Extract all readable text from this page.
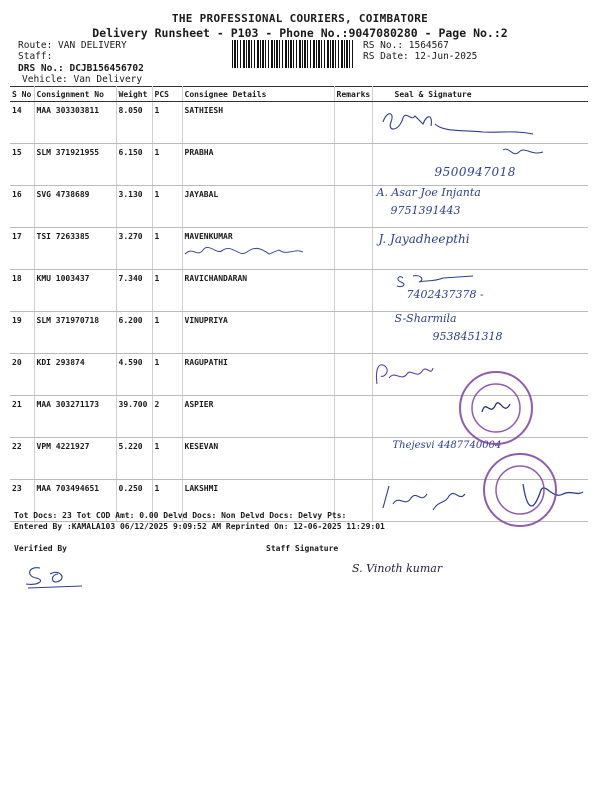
THE PROFESSIONAL COURIERS, COIMBATORE
Delivery Runsheet - P103 - Phone No.:9047080280 - Page No.:2
Route: VAN DELIVERY
Staff:
DRS No.: DCJB156456702
Vehicle: Van Delivery
RS No.: 1564567
RS Date: 12-Jun-2025
S No	Consignment No	Weight	PCS	Consignee Details	Remarks	Seal & Signature
14	MAA 303303811	8.050	1	SATHIESH		

15	SLM 371921955	6.150	1	PRABHA		9500947018

16	SVG 4738689	3.130	1	JAYABAL		A. Asar Joe Injanta
9751391443

17	TSI 7263385	3.270	1	MAVENKUMAR		J. Jayadheepthi

18	KMU 1003437	7.340	1	RAVICHANDARAN		7402437378 -

19	SLM 371970718	6.200	1	VINUPRIYA		S-Sharmila
9538451318

20	KDI 293874	4.590	1	RAGUPATHI		

21	MAA 303271173	39.700	2	ASPIER		
22	VPM 4221927	5.220	1	KESEVAN		Thejesvi 4487740004

23	MAA 703494651	0.250	1	LAKSHMI		
Tot Docs: 23 Tot COD Amt: 0.00 Delvd Docs: Non Delvd Docs: Delvy Pts:
Entered By :KAMALA103 06/12/2025 9:09:52 AM Reprinted On: 12-06-2025 11:29:01
Verified By	Staff Signature
S. Vinoth kumar
